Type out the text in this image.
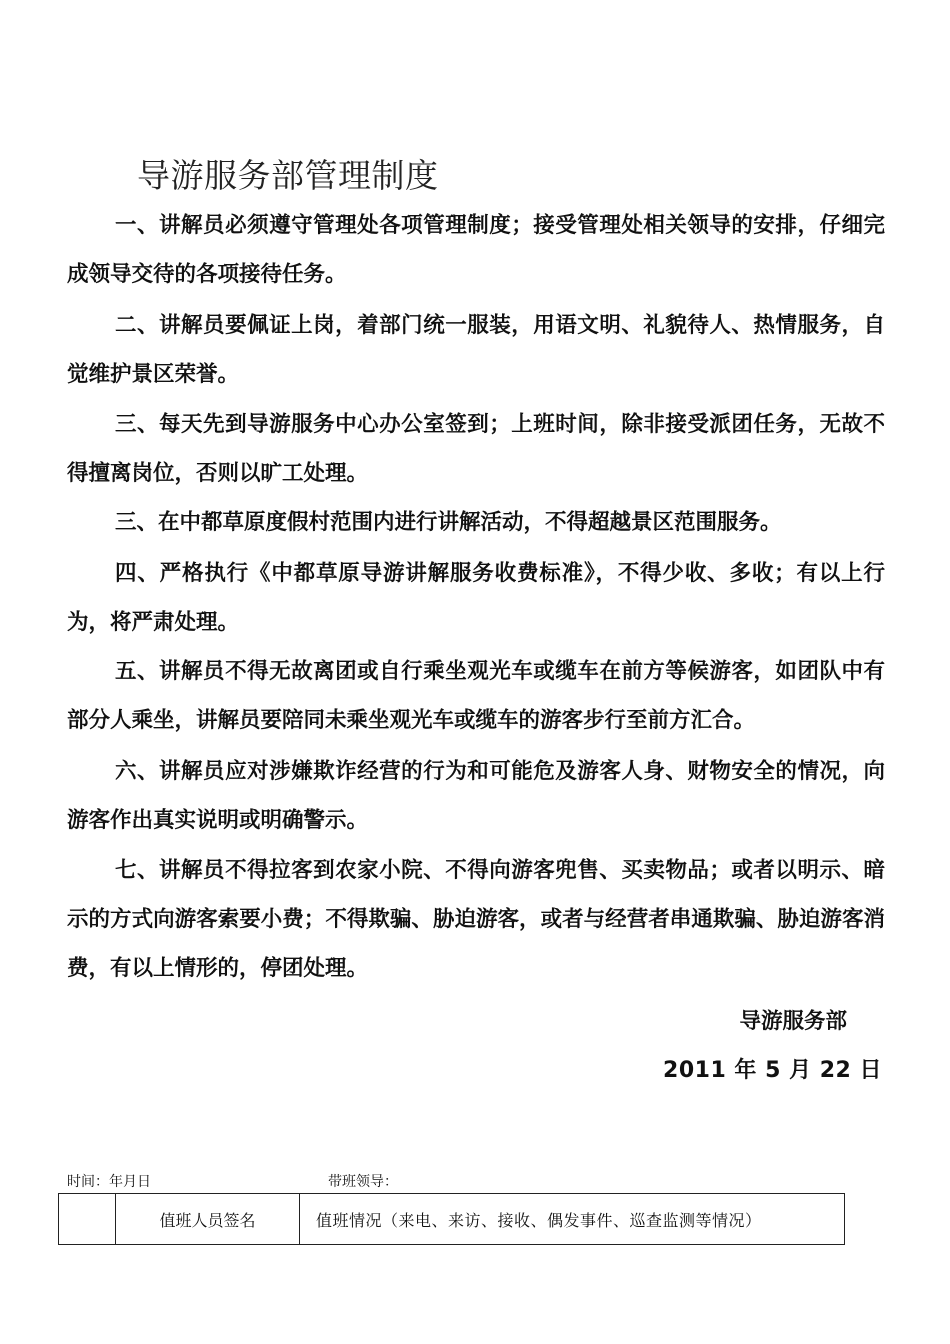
导游服务部管理制度

一、讲解员必须遵守管理处各项管理制度；接受管理处相关领导的安排，仔细完成领导交待的各项接待任务。

二、讲解员要佩证上岗，着部门统一服装，用语文明、礼貌待人、热情服务，自觉维护景区荣誉。

三、每天先到导游服务中心办公室签到；上班时间，除非接受派团任务，无故不得擅离岗位，否则以旷工处理。

三、在中都草原度假村范围内进行讲解活动，不得超越景区范围服务。

四、严格执行《中都草原导游讲解服务收费标准》，不得少收、多收；有以上行为，将严肃处理。

五、讲解员不得无故离团或自行乘坐观光车或缆车在前方等候游客，如团队中有部分人乘坐，讲解员要陪同未乘坐观光车或缆车的游客步行至前方汇合。

六、讲解员应对涉嫌欺诈经营的行为和可能危及游客人身、财物安全的情况，向游客作出真实说明或明确警示。

七、讲解员不得拉客到农家小院、不得向游客兜售、买卖物品；或者以明示、暗示的方式向游客索要小费；不得欺骗、胁迫游客，或者与经营者串通欺骗、胁迫游客消费，有以上情形的，停团处理。

导游服务部
2011 年 5 月 22 日
时间：年月日	带班领导：
	值班人员签名	值班情况（来电、来访、接收、偶发事件、巡查监测等情况）
